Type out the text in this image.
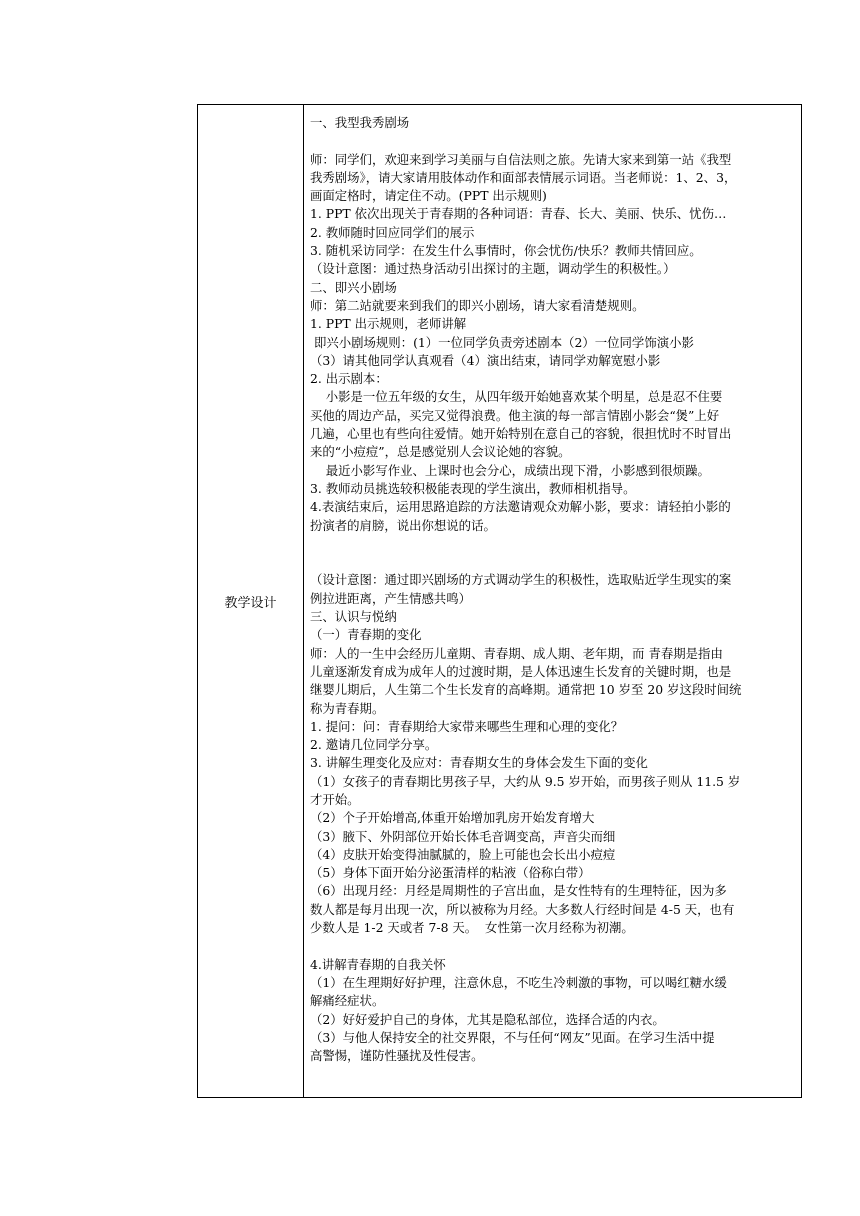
教学设计
一、我型我秀剧场
师：同学们，欢迎来到学习美丽与自信法则之旅。先请大家来到第一站《我型
我秀剧场》，请大家请用肢体动作和面部表情展示词语。当老师说：1、2、3，
画面定格时，请定住不动。(PPT 出示规则)
1. PPT 依次出现关于青春期的各种词语：青春、长大、美丽、快乐、忧伤…
2. 教师随时回应同学们的展示
3. 随机采访同学：在发生什么事情时，你会忧伤/快乐？教师共情回应。
（设计意图：通过热身活动引出探讨的主题，调动学生的积极性。）
二、即兴小剧场
师：第二站就要来到我们的即兴小剧场，请大家看清楚规则。
1. PPT 出示规则，老师讲解
即兴小剧场规则：(1）一位同学负责旁述剧本（2）一位同学饰演小影
（3）请其他同学认真观看（4）演出结束，请同学劝解宽慰小影
2. 出示剧本：
小影是一位五年级的女生，从四年级开始她喜欢某个明星，总是忍不住要
买他的周边产品，买完又觉得浪费。他主演的每一部言情剧小影会“煲”上好
几遍，心里也有些向往爱情。她开始特别在意自己的容貌，很担忧时不时冒出
来的“小痘痘”，总是感觉别人会议论她的容貌。
最近小影写作业、上课时也会分心，成绩出现下滑，小影感到很烦躁。
3. 教师动员挑选较积极能表现的学生演出，教师相机指导。
4.表演结束后，运用思路追踪的方法邀请观众劝解小影，要求：请轻拍小影的
扮演者的肩膀，说出你想说的话。
（设计意图：通过即兴剧场的方式调动学生的积极性，选取贴近学生现实的案
例拉进距离，产生情感共鸣）
三、认识与悦纳
（一）青春期的变化
师：人的一生中会经历儿童期、青春期、成人期、老年期，而 青春期是指由
儿童逐渐发育成为成年人的过渡时期，是人体迅速生长发育的关键时期，也是
继婴儿期后，人生第二个生长发育的高峰期。通常把 10 岁至 20 岁这段时间统
称为青春期。
1. 提问：问：青春期给大家带来哪些生理和心理的变化？
2. 邀请几位同学分享。
3. 讲解生理变化及应对：青春期女生的身体会发生下面的变化
（1）女孩子的青春期比男孩子早，大约从 9.5 岁开始，而男孩子则从 11.5 岁
才开始。
（2）个子开始增高,体重开始增加乳房开始发育增大
（3）腋下、外阴部位开始长体毛音调变高，声音尖而细
（4）皮肤开始变得油腻腻的，脸上可能也会长出小痘痘
（5）身体下面开始分泌蛋清样的粘液（俗称白带）
（6）出现月经：月经是周期性的子宫出血，是女性特有的生理特征，因为多
数人都是每月出现一次，所以被称为月经。大多数人行经时间是 4-5 天，也有
少数人是 1-2 天或者 7-8 天。  女性第一次月经称为初潮。
4.讲解青春期的自我关怀
（1）在生理期好好护理，注意休息，不吃生冷刺激的事物，可以喝红糖水缓
解痛经症状。
（2）好好爱护自己的身体，尤其是隐私部位，选择合适的内衣。
（3）与他人保持安全的社交界限，不与任何“网友”见面。在学习生活中提
高警惕，谨防性骚扰及性侵害。
